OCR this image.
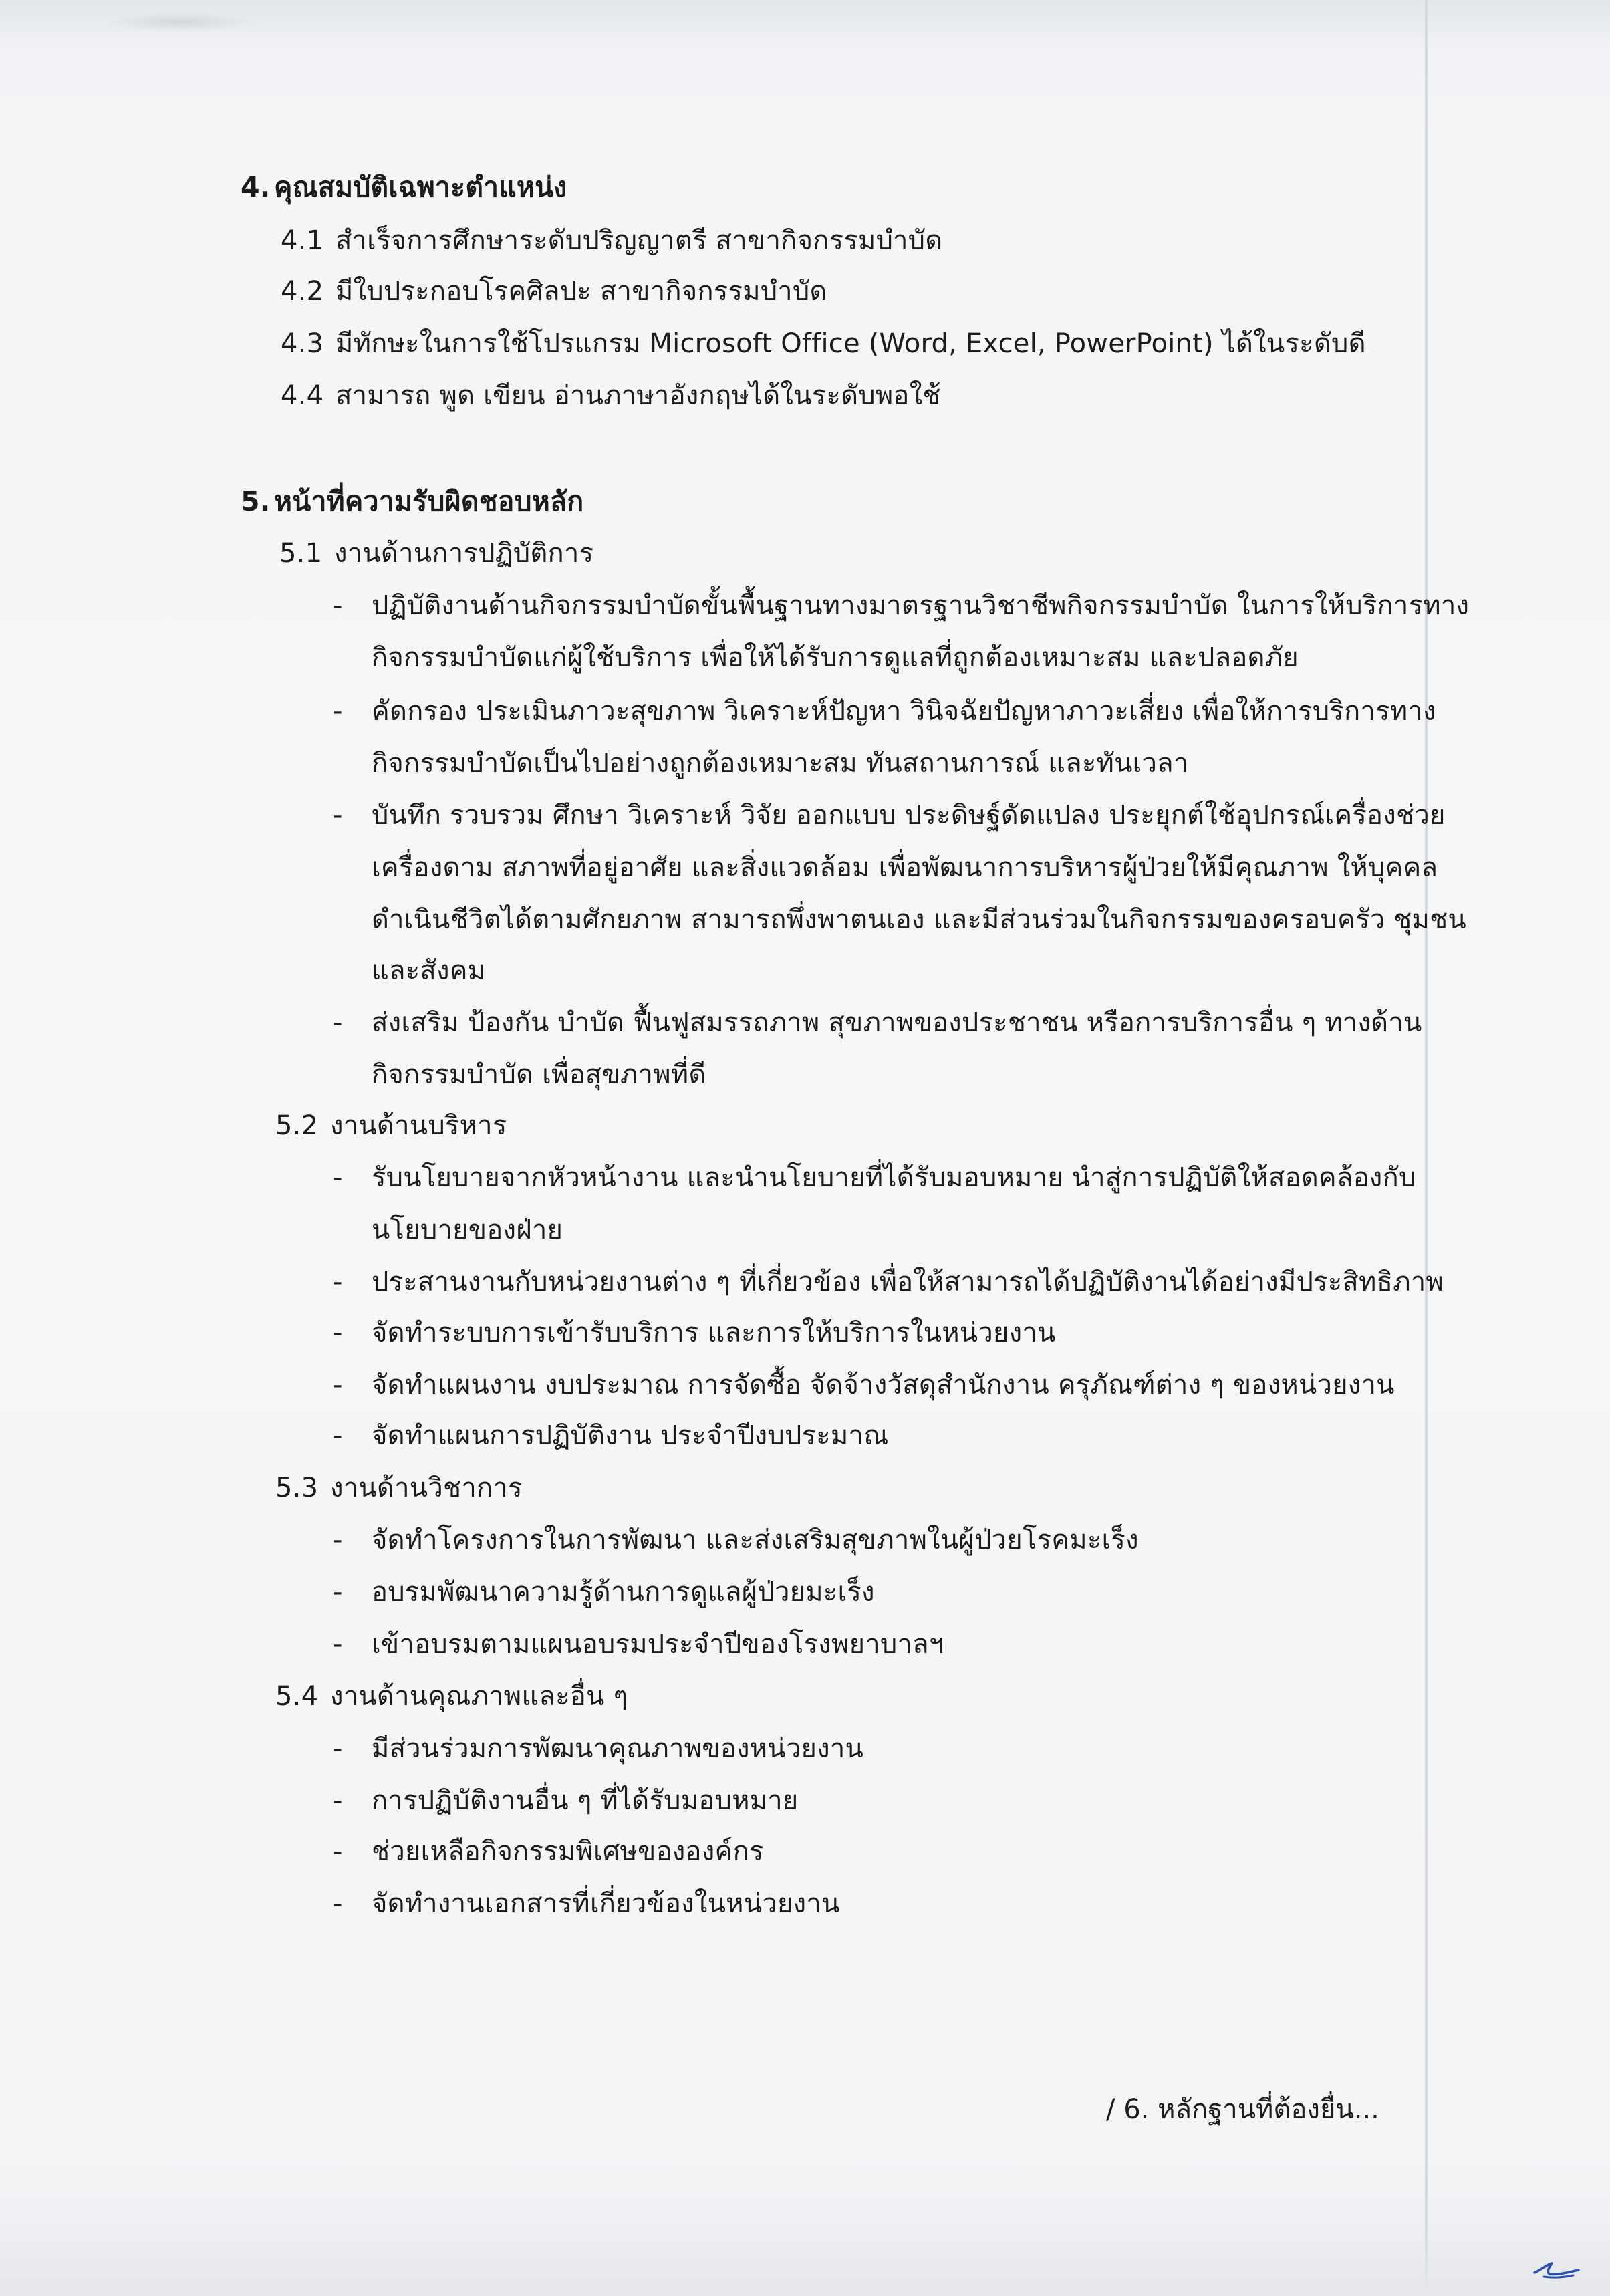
4. คุณสมบัติเฉพาะตำแหน่ง
4.1 สำเร็จการศึกษาระดับปริญญาตรี สาขากิจกรรมบำบัด
4.2 มีใบประกอบโรคศิลปะ สาขากิจกรรมบำบัด
4.3 มีทักษะในการใช้โปรแกรม Microsoft Office (Word, Excel, PowerPoint) ได้ในระดับดี
4.4 สามารถ พูด เขียน อ่านภาษาอังกฤษได้ในระดับพอใช้
5. หน้าที่ความรับผิดชอบหลัก
5.1 งานด้านการปฏิบัติการ
-	ปฏิบัติงานด้านกิจกรรมบำบัดขั้นพื้นฐานทางมาตรฐานวิชาชีพกิจกรรมบำบัด ในการให้บริการทาง
กิจกรรมบำบัดแก่ผู้ใช้บริการ เพื่อให้ได้รับการดูแลที่ถูกต้องเหมาะสม และปลอดภัย
-	คัดกรอง ประเมินภาวะสุขภาพ วิเคราะห์ปัญหา วินิจฉัยปัญหาภาวะเสี่ยง เพื่อให้การบริการทาง
กิจกรรมบำบัดเป็นไปอย่างถูกต้องเหมาะสม ทันสถานการณ์ และทันเวลา
-	บันทึก รวบรวม ศึกษา วิเคราะห์ วิจัย ออกแบบ ประดิษฐ์ดัดแปลง ประยุกต์ใช้อุปกรณ์เครื่องช่วย
เครื่องดาม สภาพที่อยู่อาศัย และสิ่งแวดล้อม เพื่อพัฒนาการบริหารผู้ป่วยให้มีคุณภาพ ให้บุคคล
ดำเนินชีวิตได้ตามศักยภาพ สามารถพึ่งพาตนเอง และมีส่วนร่วมในกิจกรรมของครอบครัว ชุมชน
และสังคม
-	ส่งเสริม ป้องกัน บำบัด ฟื้นฟูสมรรถภาพ สุขภาพของประชาชน หรือการบริการอื่น ๆ ทางด้าน
กิจกรรมบำบัด เพื่อสุขภาพที่ดี
5.2 งานด้านบริหาร
-	รับนโยบายจากหัวหน้างาน และนำนโยบายที่ได้รับมอบหมาย นำสู่การปฏิบัติให้สอดคล้องกับ
นโยบายของฝ่าย
-	ประสานงานกับหน่วยงานต่าง ๆ ที่เกี่ยวข้อง เพื่อให้สามารถได้ปฏิบัติงานได้อย่างมีประสิทธิภาพ
-	จัดทำระบบการเข้ารับบริการ และการให้บริการในหน่วยงาน
-	จัดทำแผนงาน งบประมาณ การจัดซื้อ จัดจ้างวัสดุสำนักงาน ครุภัณฑ์ต่าง ๆ ของหน่วยงาน
-	จัดทำแผนการปฏิบัติงาน ประจำปีงบประมาณ
5.3 งานด้านวิชาการ
-	จัดทำโครงการในการพัฒนา และส่งเสริมสุขภาพในผู้ป่วยโรคมะเร็ง
-	อบรมพัฒนาความรู้ด้านการดูแลผู้ป่วยมะเร็ง
-	เข้าอบรมตามแผนอบรมประจำปีของโรงพยาบาลฯ
5.4 งานด้านคุณภาพและอื่น ๆ
-	มีส่วนร่วมการพัฒนาคุณภาพของหน่วยงาน
-	การปฏิบัติงานอื่น ๆ ที่ได้รับมอบหมาย
-	ช่วยเหลือกิจกรรมพิเศษขององค์กร
-	จัดทำงานเอกสารที่เกี่ยวข้องในหน่วยงาน
/ 6. หลักฐานที่ต้องยื่น...
